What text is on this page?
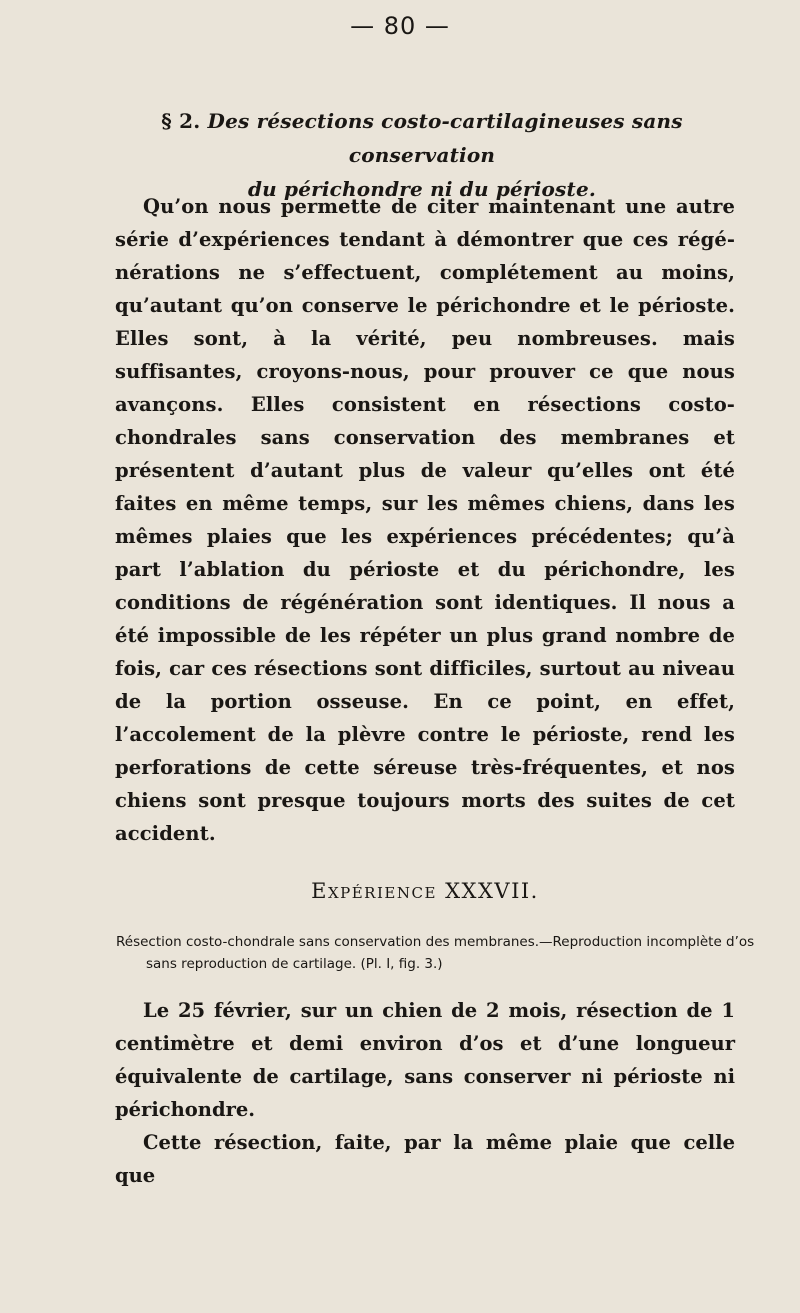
— 80 —
§ 2. Des résections costo-cartilagineuses sans conservation
du périchondre ni du périoste.

Qu’on nous permette de citer maintenant une autre série d’expériences tendant à démontrer que ces régénérations ne s’effectuent, complétement au moins, qu’autant qu’on conserve le périchondre et le périoste. Elles sont, à la vérité, peu nombreuses. mais suffisantes, croyons-nous, pour prouver ce que nous avançons. Elles consistent en résections costo-chondrales sans conservation des membranes et présentent d’autant plus de valeur qu’elles ont été faites en même temps, sur les mêmes chiens, dans les mêmes plaies que les expériences précédentes; qu’à part l’ablation du périoste et du périchondre, les conditions de régénération sont identiques. Il nous a été impossible de les répéter un plus grand nombre de fois, car ces résections sont difficiles, surtout au niveau de la portion osseuse. En ce point, en effet, l’accolement de la plèvre contre le périoste, rend les perforations de cette séreuse très-fréquentes, et nos chiens sont presque toujours morts des suites de cet accident.

Expérience XXXVII.

Résection costo-chondrale sans conservation des membranes.—Reproduction incomplète d’os sans reproduction de cartilage. (Pl. I, fig. 3.)

Le 25 février, sur un chien de 2 mois, résection de 1 centimètre et demi environ d’os et d’une longueur équivalente de cartilage, sans conserver ni périoste ni périchondre.

Cette résection, faite, par la même plaie que celle que
